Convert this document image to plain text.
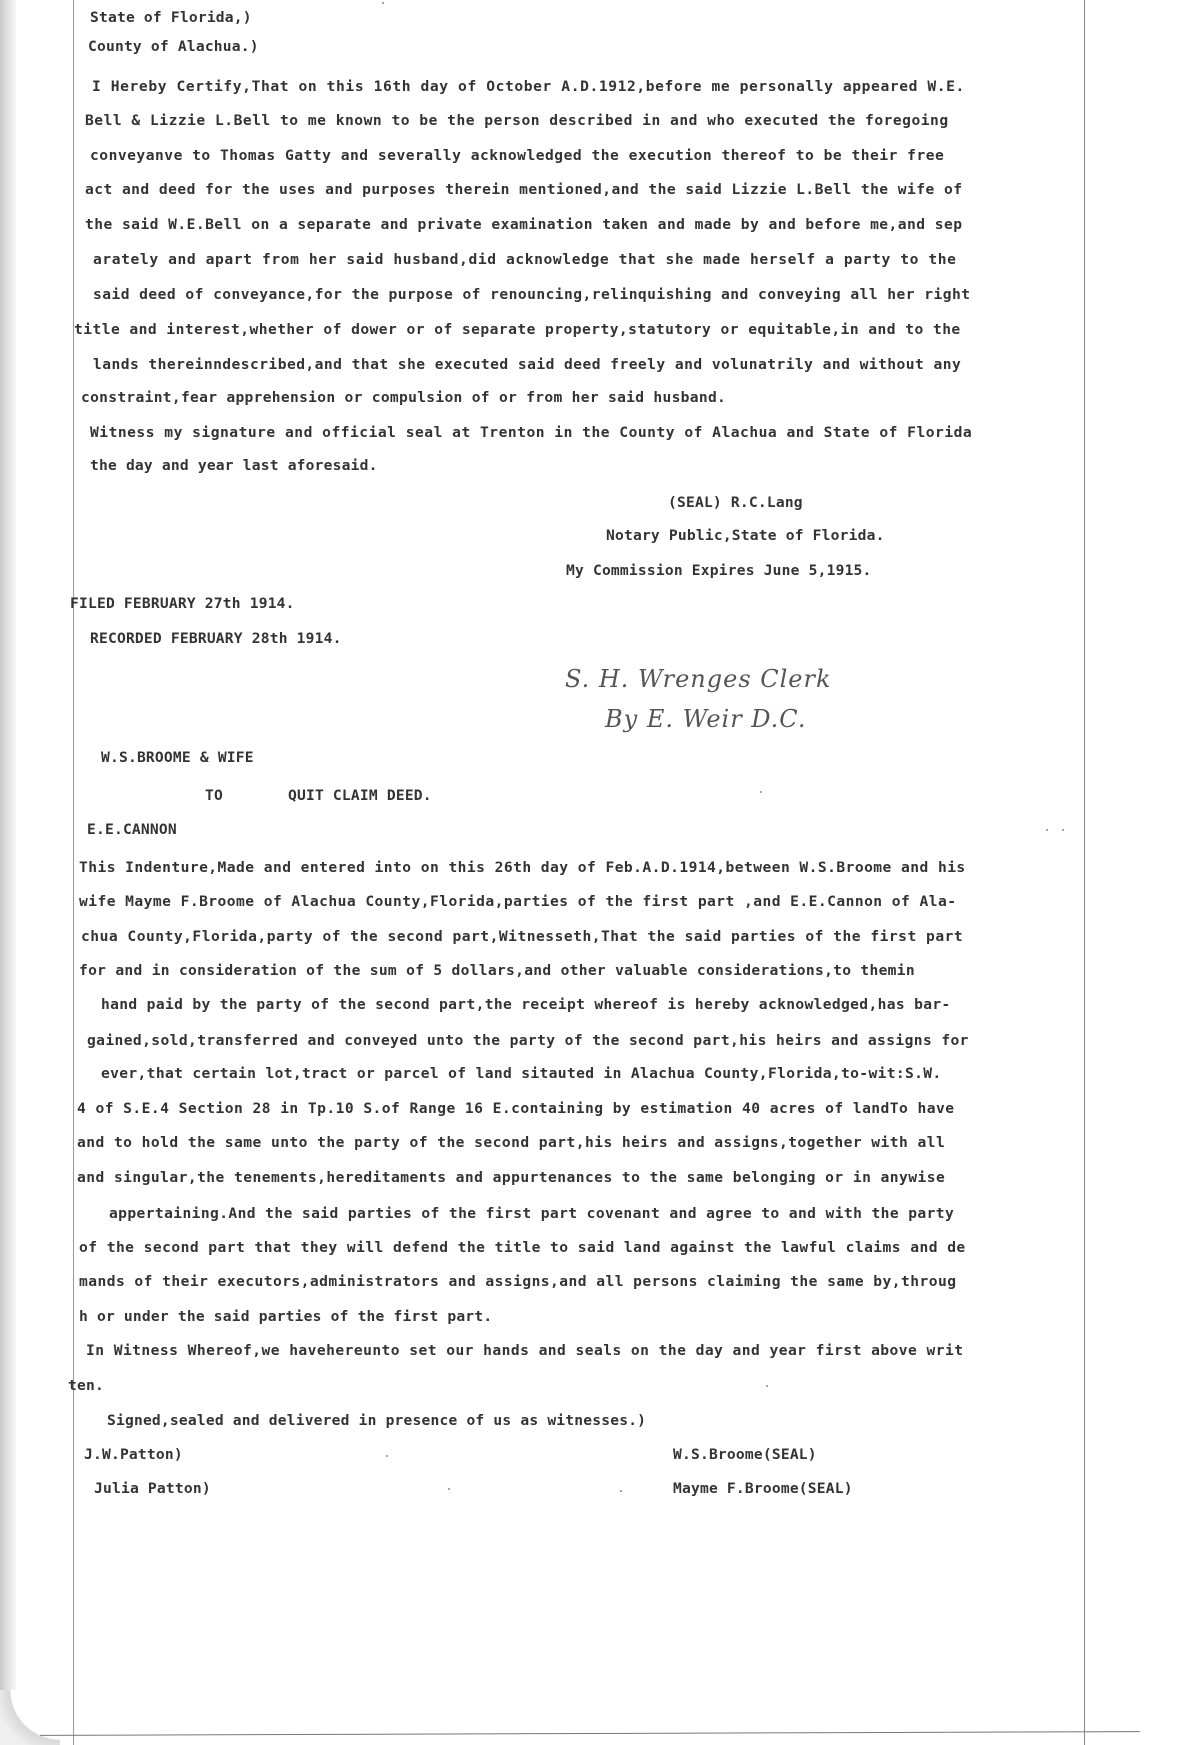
State of Florida,)
County of Alachua.)
I Hereby Certify,That on this 16th day of October A.D.1912,before me personally appeared W.E.
Bell & Lizzie L.Bell to me known to be the person described in and who executed the foregoing
conveyanve to Thomas Gatty and severally acknowledged the execution thereof to be their free
act and deed for the uses and purposes therein mentioned,and the said Lizzie L.Bell the wife of
the said W.E.Bell on a separate and private examination taken and made by and before me,and sep
arately and apart from her said husband,did acknowledge that she made herself a party to the
said deed of conveyance,for the purpose of renouncing,relinquishing and conveying all her right
title and interest,whether of dower or of separate property,statutory or equitable,in and to the
lands thereinndescribed,and that she executed said deed freely and volunatrily and without any
constraint,fear apprehension or compulsion of or from her said husband.
Witness my signature and official seal at Trenton in the County of Alachua and State of Florida
the day and year last aforesaid.
(SEAL) R.C.Lang
Notary Public,State of Florida.
My Commission Expires June 5,1915.
FILED FEBRUARY 27th 1914.
RECORDED FEBRUARY 28th 1914.
S. H. Wrenges Clerk
By E. Weir D.C.
W.S.BROOME & WIFE
TO	QUIT CLAIM DEED.
E.E.CANNON
This Indenture,Made and entered into on this 26th day of Feb.A.D.1914,between W.S.Broome and his
wife Mayme F.Broome of Alachua County,Florida,parties of the first part ,and E.E.Cannon of Ala-
chua County,Florida,party of the second part,Witnesseth,That the said parties of the first part
for and in consideration of the sum of 5 dollars,and other valuable considerations,to themin
hand paid by the party of the second part,the receipt whereof is hereby acknowledged,has bar-
gained,sold,transferred and conveyed unto the party of the second part,his heirs and assigns for
ever,that certain lot,tract or parcel of land sitauted in Alachua County,Florida,to-wit:S.W.
4 of S.E.4 Section 28 in Tp.10 S.of Range 16 E.containing by estimation 40 acres of landTo have
and to hold the same unto the party of the second part,his heirs and assigns,together with all
and singular,the tenements,hereditaments and appurtenances to the same belonging or in anywise
appertaining.And the said parties of the first part covenant and agree to and with the party
of the second part that they will defend the title to said land against the lawful claims and de
mands of their executors,administrators and assigns,and all persons claiming the same by,throug
h or under the said parties of the first part.
In Witness Whereof,we havehereunto set our hands and seals on the day and year first above writ
ten.
Signed,sealed and delivered in presence of us as witnesses.)
J.W.Patton)
Julia Patton)
W.S.Broome(SEAL)
Mayme F.Broome(SEAL)
